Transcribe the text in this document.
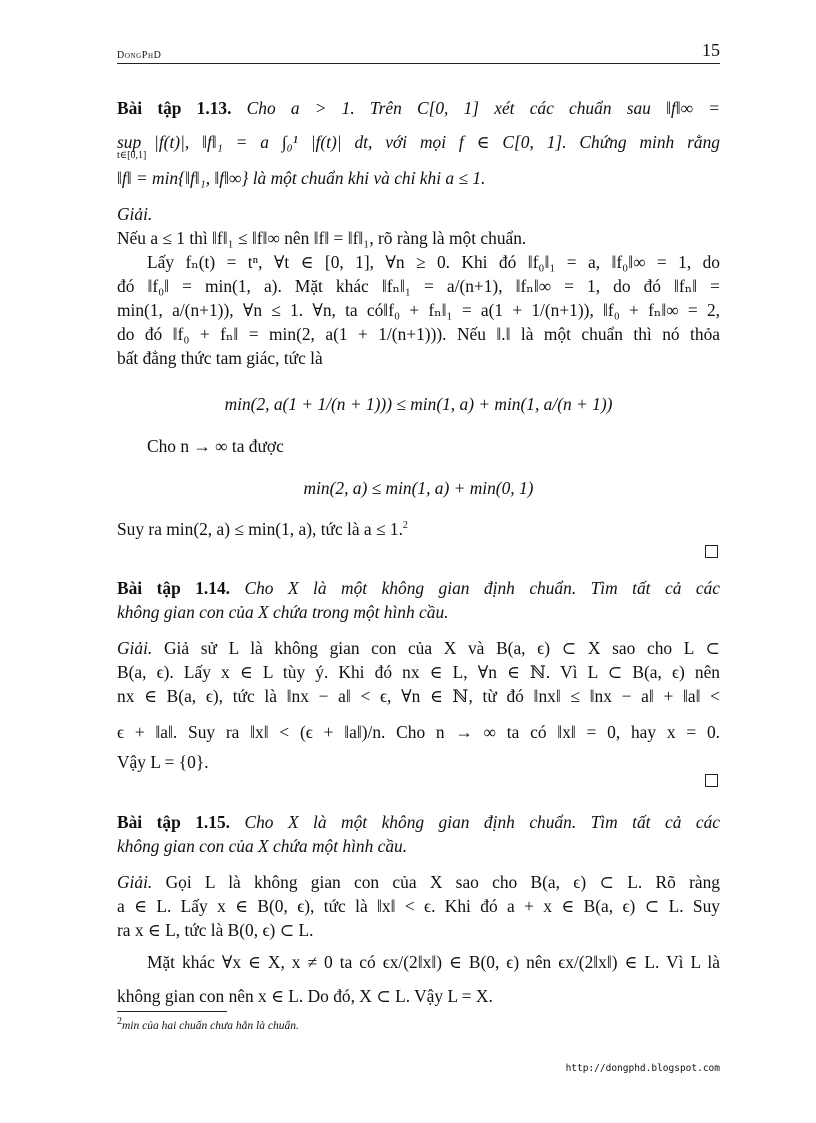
DongPhD	15
Bài tập 1.13. Cho a > 1. Trên C[0, 1] xét các chuẩn sau ‖f‖∞ =
sup |f(t)|, ‖f‖₁ = a ∫₀¹ |f(t)| dt, với mọi f ∈ C[0, 1]. Chứng minh rằng
t∈[0,1]
‖f‖ = min{‖f‖₁, ‖f‖∞} là một chuẩn khi và chỉ khi a ≤ 1.
Giải.
Nếu a ≤ 1 thì ‖f‖₁ ≤ ‖f‖∞ nên ‖f‖ = ‖f‖₁, rõ ràng là một chuẩn.
Lấy fₙ(t) = tⁿ, ∀t ∈ [0, 1], ∀n ≥ 0. Khi đó ‖f₀‖₁ = a, ‖f₀‖∞ = 1, do
đó ‖f₀‖ = min(1, a). Mặt khác ‖fₙ‖₁ = a/(n+1), ‖fₙ‖∞ = 1, do đó ‖fₙ‖ =
min(1, a/(n+1)), ∀n ≤ 1. ∀n, ta có‖f₀ + fₙ‖₁ = a(1 + 1/(n+1)), ‖f₀ + fₙ‖∞ = 2,
do đó ‖f₀ + fₙ‖ = min(2, a(1 + 1/(n+1))). Nếu ‖.‖ là một chuẩn thì nó thỏa
bất đẳng thức tam giác, tức là
min(2, a(1 + 1/(n + 1))) ≤ min(1, a) + min(1, a/(n + 1))
Cho n → ∞ ta được
min(2, a) ≤ min(1, a) + min(0, 1)
Suy ra min(2, a) ≤ min(1, a), tức là a ≤ 1.$^2$
Bài tập 1.14. Cho X là một không gian định chuẩn. Tìm tất cả các
không gian con của X chứa trong một hình cầu.
Giải. Giả sử L là không gian con của X và B(a, ϵ) ⊂ X sao cho L ⊂
B(a, ϵ). Lấy x ∈ L tùy ý. Khi đó nx ∈ L, ∀n ∈ ℕ. Vì L ⊂ B(a, ϵ) nên
nx ∈ B(a, ϵ), tức là ‖nx − a‖ < ϵ, ∀n ∈ ℕ, từ đó ‖nx‖ ≤ ‖nx − a‖ + ‖a‖ <
ϵ + ‖a‖. Suy ra ‖x‖ < (ϵ + ‖a‖)/n. Cho n → ∞ ta có ‖x‖ = 0, hay x = 0.
Vậy L = {0}.
Bài tập 1.15. Cho X là một không gian định chuẩn. Tìm tất cả các
không gian con của X chứa một hình cầu.
Giải. Gọi L là không gian con của X sao cho B(a, ϵ) ⊂ L. Rõ ràng
a ∈ L. Lấy x ∈ B(0, ϵ), tức là ‖x‖ < ϵ. Khi đó a + x ∈ B(a, ϵ) ⊂ L. Suy
ra x ∈ L, tức là B(0, ϵ) ⊂ L.
Mặt khác ∀x ∈ X, x ≠ 0 ta có ϵx/(2‖x‖) ∈ B(0, ϵ) nên ϵx/(2‖x‖) ∈ L. Vì L là
không gian con nên x ∈ L. Do đó, X ⊂ L. Vậy L = X.
$^2$min của hai chuẩn chưa hẳn là chuẩn.
http://dongphd.blogspot.com
